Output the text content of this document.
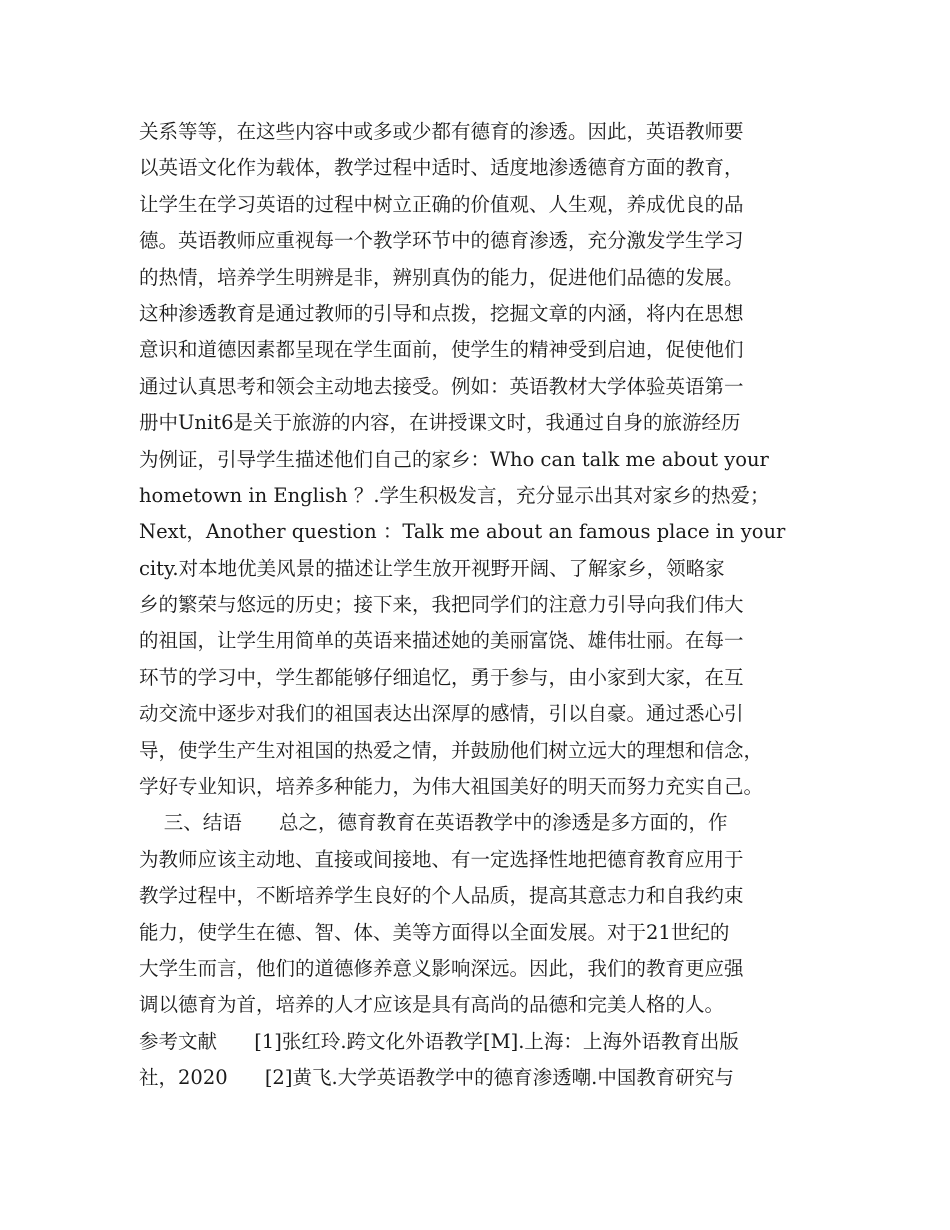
关系等等，在这些内容中或多或少都有德育的渗透。因此，英语教师要
以英语文化作为载体，教学过程中适时、适度地渗透德育方面的教育，
让学生在学习英语的过程中树立正确的价值观、人生观，养成优良的品
德。英语教师应重视每一个教学环节中的德育渗透，充分激发学生学习
的热情，培养学生明辨是非，辨别真伪的能力，促进他们品德的发展。
这种渗透教育是通过教师的引导和点拨，挖掘文章的内涵，将内在思想
意识和道德因素都呈现在学生面前，使学生的精神受到启迪，促使他们
通过认真思考和领会主动地去接受。例如：英语教材大学体验英语第一
册中Unit6是关于旅游的内容，在讲授课文时，我通过自身的旅游经历
为例证，引导学生描述他们自己的家乡：Who can talk me about your
hometown in English ？.学生积极发言，充分显示出其对家乡的热爱；
Next，Another question ：Talk me about an famous place in your
city.对本地优美风景的描述让学生放开视野开阔、了解家乡，领略家
乡的繁荣与悠远的历史；接下来，我把同学们的注意力引导向我们伟大
的祖国，让学生用简单的英语来描述她的美丽富饶、雄伟壮丽。在每一
环节的学习中，学生都能够仔细追忆，勇于参与，由小家到大家，在互
动交流中逐步对我们的祖国表达出深厚的感情，引以自豪。通过悉心引
导，使学生产生对祖国的热爱之情，并鼓励他们树立远大的理想和信念，
学好专业知识，培养多种能力，为伟大祖国美好的明天而努力充实自己。
三、结语      总之，德育教育在英语教学中的渗透是多方面的，作
为教师应该主动地、直接或间接地、有一定选择性地把德育教育应用于
教学过程中，不断培养学生良好的个人品质，提高其意志力和自我约束
能力，使学生在德、智、体、美等方面得以全面发展。对于21世纪的
大学生而言，他们的道德修养意义影响深远。因此，我们的教育更应强
调以德育为首，培养的人才应该是具有高尚的品德和完美人格的人。
参考文献      [1]张红玲.跨文化外语教学[M].上海：上海外语教育出版
社，2020      [2]黄飞.大学英语教学中的德育渗透嘲.中国教育研究与
